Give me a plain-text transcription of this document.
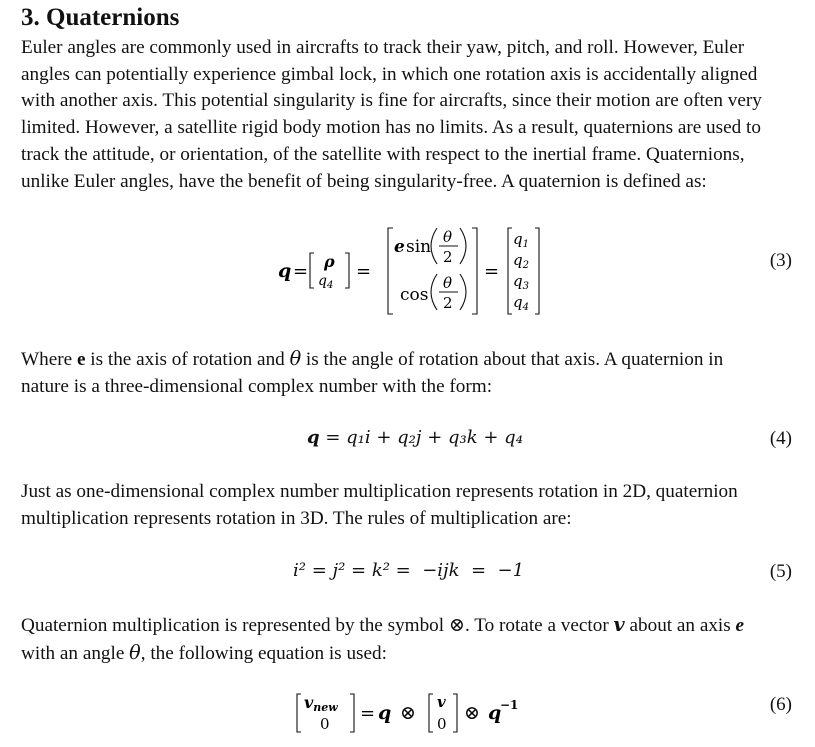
3. Quaternions

Euler angles are commonly used in aircrafts to track their yaw, pitch, and roll. However, Euler
angles can potentially experience gimbal lock, in which one rotation axis is accidentally aligned
with another axis. This potential singularity is fine for aircrafts, since their motion are often very
limited. However, a satellite rigid body motion has no limits. As a result, quaternions are used to
track the attitude, or orientation, of the satellite with respect to the inertial frame. Quaternions,
unlike Euler angles, have the benefit of being singularity-free. A quaternion is defined as:

q = ρ
$q_4$
=
e sin θ
2
cos
θ
2
=
$q_1$
$q_2$
$q_3$
$q_4$
(3)

Where e is the axis of rotation and θ is the angle of rotation about that axis. A quaternion in
nature is a three-dimensional complex number with the form:

q = q₁i + q₂j + q₃k + q₄	(4)

Just as one-dimensional complex number multiplication represents rotation in 2D, quaternion
multiplication represents rotation in 3D. The rules of multiplication are:

i² = j² = k² =  −ijk  =  −1	(5)

Quaternion multiplication is represented by the symbol ⊗. To rotate a vector v about an axis e
with an angle θ, the following equation is used:

vnew
0 = q ⊗ v
0 ⊗ q
−1	(6)
